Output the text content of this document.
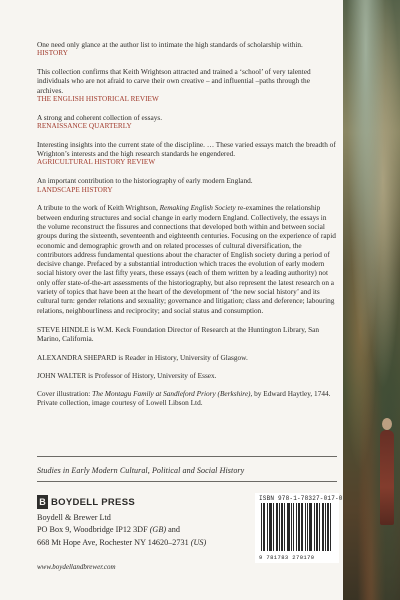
One need only glance at the author list to intimate the high standards of scholarship within.
HISTORY
This collection confirms that Keith Wrightson attracted and trained a ‘school’ of very talented individuals who are not afraid to carve their own creative – and influential –paths through the archives.
THE ENGLISH HISTORICAL REVIEW
A strong and coherent collection of essays.
RENAISSANCE QUARTERLY
Interesting insights into the current state of the discipline. … These varied essays match the breadth of Wrighton’s interests and the high research standards he engendered.
AGRICULTURAL HISTORY REVIEW
An important contribution to the historiography of early modern England.
LANDSCAPE HISTORY

A tribute to the work of Keith Wrightson, Remaking English Society re-examines the relationship between enduring structures and social change in early modern England. Collectively, the essays in the volume reconstruct the fissures and connections that developed both within and between social groups during the sixteenth, seventeenth and eighteenth centuries. Focusing on the experience of rapid economic and demographic growth and on related processes of cultural diversification, the contributors address fundamental questions about the character of English society during a period of decisive change. Prefaced by a substantial introduction which traces the evolution of early modern social history over the last fifty years, these essays (each of them written by a leading authority) not only offer state-of-the-art assessments of the historiography, but also represent the latest research on a variety of topics that have been at the heart of the development of ‘the new social history’ and its cultural turn: gender relations and sexuality; governance and litigation; class and deference; labouring relations, neighbourliness and reciprocity; and social status and consumption.

STEVE HINDLE is W.M. Keck Foundation Director of Research at the Huntington Library, San Marino, California.

ALEXANDRA SHEPARD is Reader in History, University of Glasgow.

JOHN WALTER is Professor of History, University of Essex.

Cover illustration: The Montagu Family at Sandleford Priory (Berkshire), by Edward Haytley, 1744. Private collection, image courtesy of Lowell Libson Ltd.

Studies in Early Modern Cultural, Political and Social History
B BOYDELL PRESS
Boydell & Brewer Ltd
PO Box 9, Woodbridge IP12 3DF (GB) and
668 Mt Hope Ave, Rochester NY 14620–2731 (US)
www.boydellandbrewer.com
ISBN 978-1-78327-017-0
9 781783 270170
